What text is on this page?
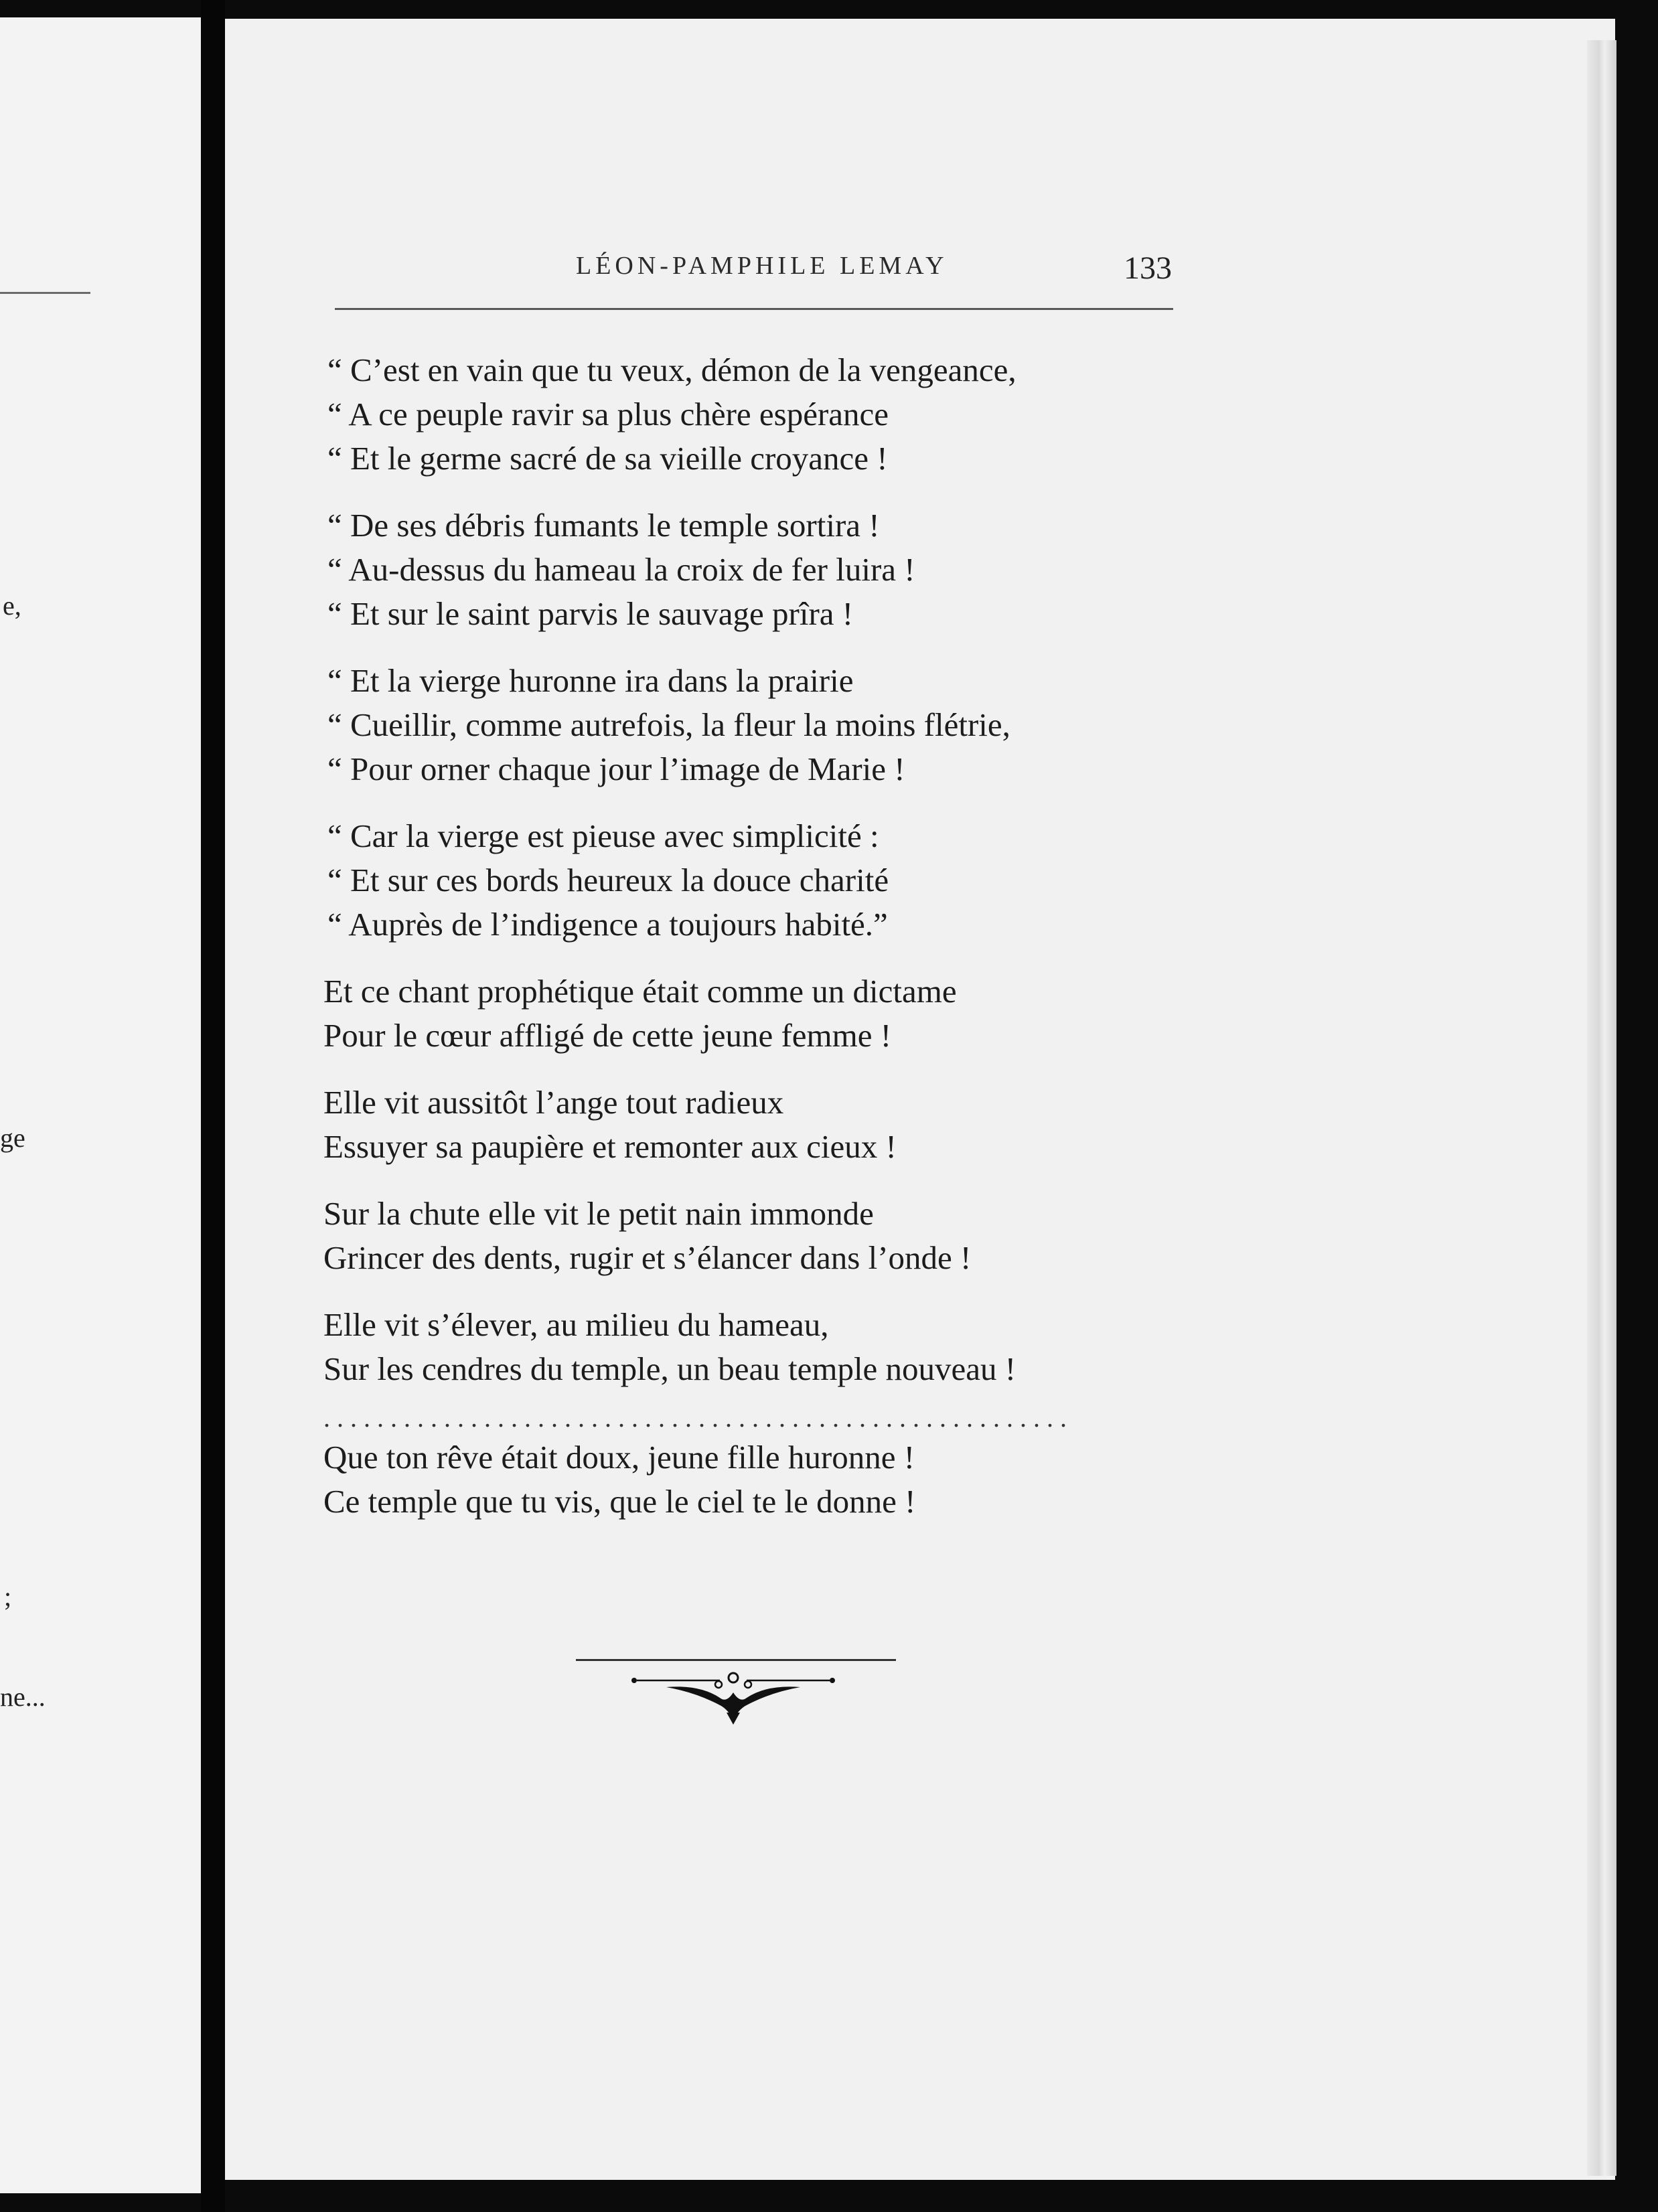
e,
ge
;
ne...
LÉON-PAMPHILE LEMAY	133
“ C’est en vain que tu veux, démon de la vengeance,
“ A ce peuple ravir sa plus chère espérance
“ Et le germe sacré de sa vieille croyance !
“ De ses débris fumants le temple sortira !
“ Au-dessus du hameau la croix de fer luira !
“ Et sur le saint parvis le sauvage prîra !
“ Et la vierge huronne ira dans la prairie
“ Cueillir, comme autrefois, la fleur la moins flétrie,
“ Pour orner chaque jour l’image de Marie !
“ Car la vierge est pieuse avec simplicité :
“ Et sur ces bords heureux la douce charité
“ Auprès de l’indigence a toujours habité.”
Et ce chant prophétique était comme un dictame
Pour le cœur affligé de cette jeune femme !
Elle vit aussitôt l’ange tout radieux
Essuyer sa paupière et remonter aux cieux !
Sur la chute elle vit le petit nain immonde
Grincer des dents, rugir et s’élancer dans l’onde !
Elle vit s’élever, au milieu du hameau,
Sur les cendres du temple, un beau temple nouveau !
........................................................
Que ton rêve était doux, jeune fille huronne !
Ce temple que tu vis, que le ciel te le donne !
